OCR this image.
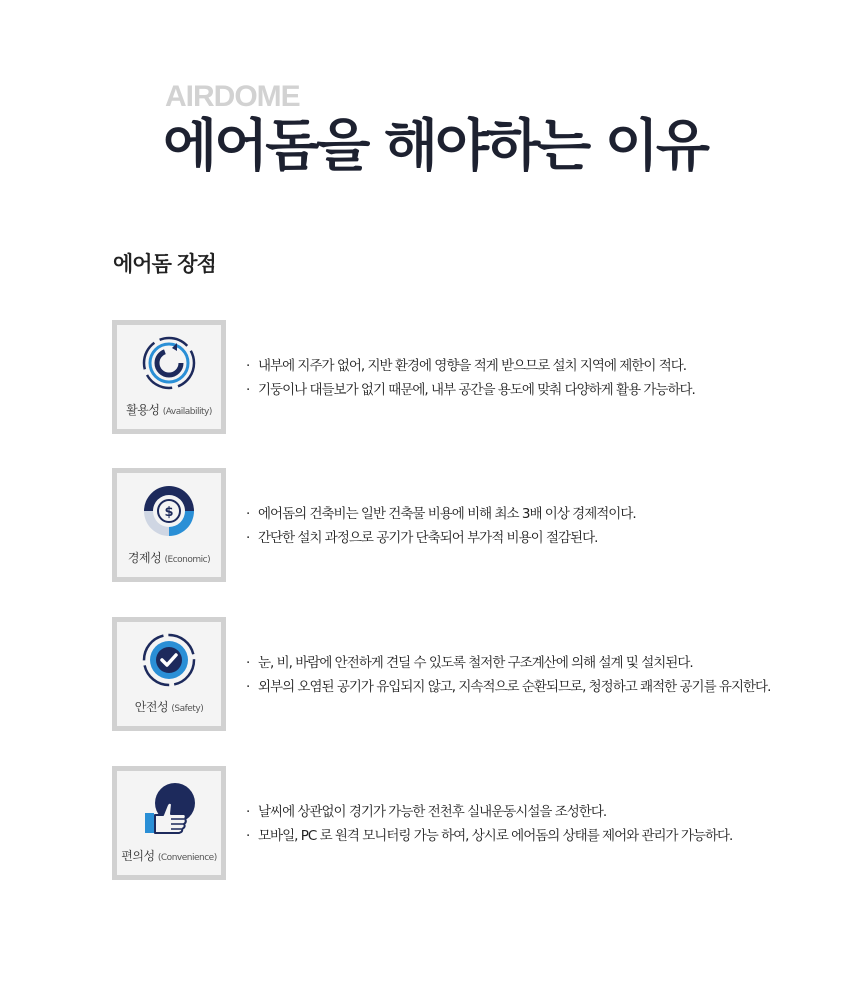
AIRDOME
에어돔을 해야하는 이유
에어돔 장점
활용성 (Availability)
· 내부에 지주가 없어, 지반 환경에 영향을 적게 받으므로 설치 지역에 제한이 적다.
· 기둥이나 대들보가 없기 때문에, 내부 공간을 용도에 맞춰 다양하게 활용 가능하다.
$
경제성 (Economic)
· 에어돔의 건축비는 일반 건축물 비용에 비해 최소 3배 이상 경제적이다.
· 간단한 설치 과정으로 공기가 단축되어 부가적 비용이 절감된다.
안전성 (Safety)
· 눈, 비, 바람에 안전하게 견딜 수 있도록 철저한 구조계산에 의해 설계 및 설치된다.
· 외부의 오염된 공기가 유입되지 않고, 지속적으로 순환되므로, 청정하고 쾌적한 공기를 유지한다.
편의성 (Convenience)
· 날씨에 상관없이 경기가 가능한 전천후 실내운동시설을 조성한다.
· 모바일, PC 로 원격 모니터링 가능 하여, 상시로 에어돔의 상태를 제어와 관리가 가능하다.
